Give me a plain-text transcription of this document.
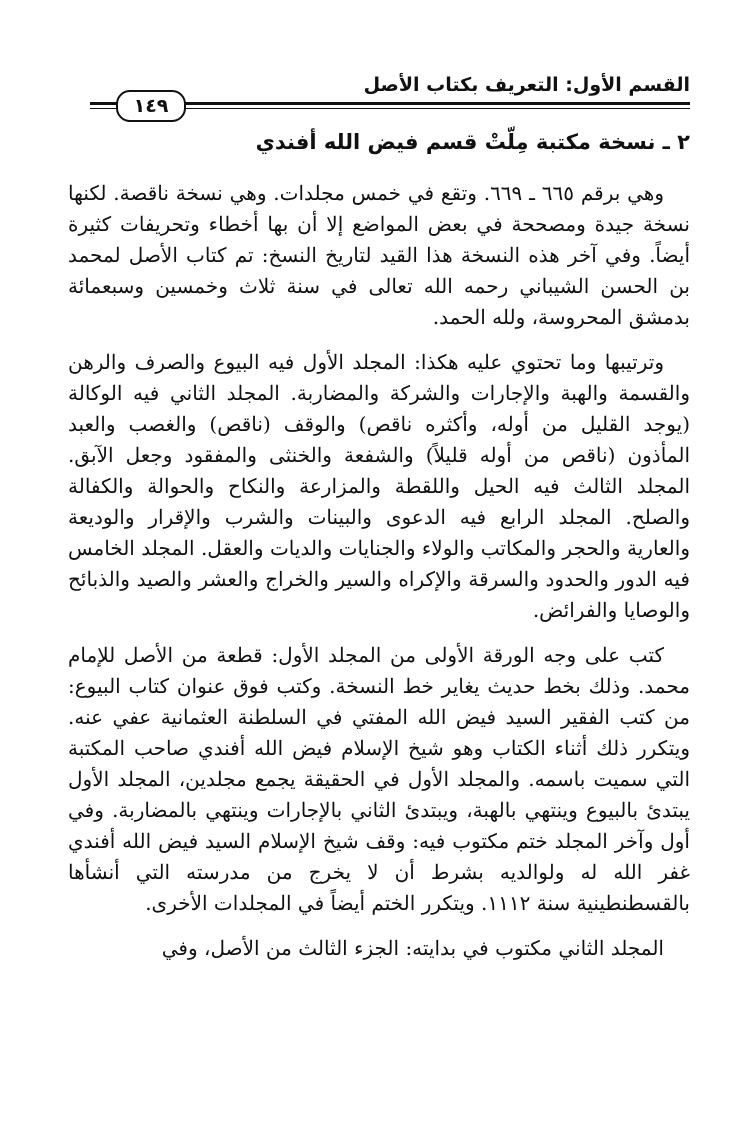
القسم الأول: التعريف بكتاب الأصل
١٤٩
٢ ـ نسخة مكتبة مِلّتْ قسم فيض الله أفندي

وهي برقم ٦٦٥ ـ ٦٦٩. وتقع في خمس مجلدات. وهي نسخة ناقصة. لكنها نسخة جيدة ومصححة في بعض المواضع إلا أن بها أخطاء وتحريفات كثيرة أيضاً. وفي آخر هذه النسخة هذا القيد لتاريخ النسخ: تم كتاب الأصل لمحمد بن الحسن الشيباني رحمه الله تعالى في سنة ثلاث وخمسين وسبعمائة بدمشق المحروسة، ولله الحمد.

وترتيبها وما تحتوي عليه هكذا: المجلد الأول فيه البيوع والصرف والرهن والقسمة والهبة والإجارات والشركة والمضاربة. المجلد الثاني فيه الوكالة (يوجد القليل من أوله، وأكثره ناقص) والوقف (ناقص) والغصب والعبد المأذون (ناقص من أوله قليلاً) والشفعة والخنثى والمفقود وجعل الآبق. المجلد الثالث فيه الحيل واللقطة والمزارعة والنكاح والحوالة والكفالة والصلح. المجلد الرابع فيه الدعوى والبينات والشرب والإقرار والوديعة والعارية والحجر والمكاتب والولاء والجنايات والديات والعقل. المجلد الخامس فيه الدور والحدود والسرقة والإكراه والسير والخراج والعشر والصيد والذبائح والوصايا والفرائض.

كتب على وجه الورقة الأولى من المجلد الأول: قطعة من الأصل للإمام محمد. وذلك بخط حديث يغاير خط النسخة. وكتب فوق عنوان كتاب البيوع: من كتب الفقير السيد فيض الله المفتي في السلطنة العثمانية عفي عنه. ويتكرر ذلك أثناء الكتاب وهو شيخ الإسلام فيض الله أفندي صاحب المكتبة التي سميت باسمه. والمجلد الأول في الحقيقة يجمع مجلدين، المجلد الأول يبتدئ بالبيوع وينتهي بالهبة، ويبتدئ الثاني بالإجارات وينتهي بالمضاربة. وفي أول وآخر المجلد ختم مكتوب فيه: وقف شيخ الإسلام السيد فيض الله أفندي غفر الله له ولوالديه بشرط أن لا يخرج من مدرسته التي أنشأها بالقسطنطينية سنة ١١١٢. ويتكرر الختم أيضاً في المجلدات الأخرى.

المجلد الثاني مكتوب في بدايته: الجزء الثالث من الأصل، وفي
